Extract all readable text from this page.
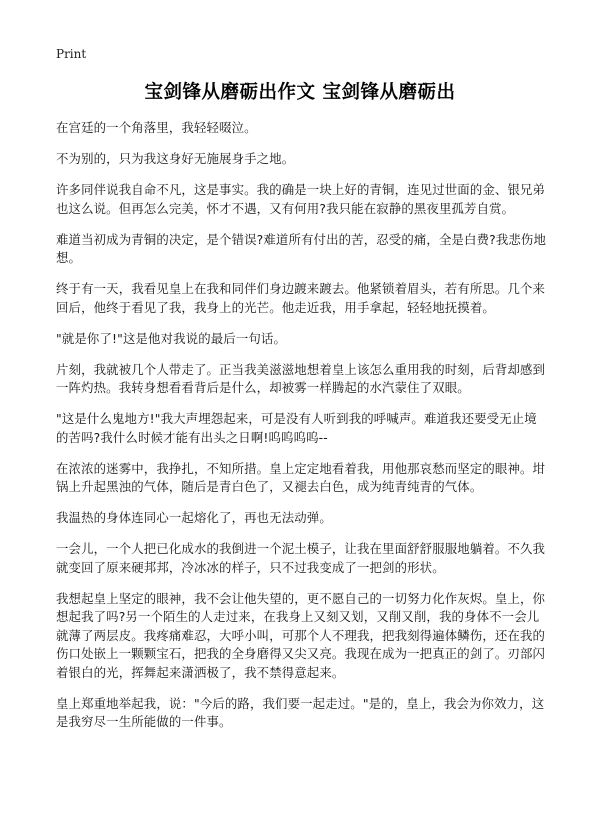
Print
宝剑锋从磨砺出作文 宝剑锋从磨砺出

在宫廷的一个角落里，我轻轻啜泣。

不为别的，只为我这身好无施展身手之地。

许多同伴说我自命不凡，这是事实。我的确是一块上好的青铜，连见过世面的金、银兄弟也这么说。但再怎么完美，怀才不遇，又有何用?我只能在寂静的黑夜里孤芳自赏。

难道当初成为青铜的决定，是个错误?难道所有付出的苦，忍受的痛，全是白费?我悲伤地想。

终于有一天，我看见皇上在我和同伴们身边踱来踱去。他紧锁着眉头，若有所思。几个来回后，他终于看见了我，我身上的光芒。他走近我，用手拿起，轻轻地抚摸着。

"就是你了!"这是他对我说的最后一句话。

片刻，我就被几个人带走了。正当我美滋滋地想着皇上该怎么重用我的时刻，后背却感到一阵灼热。我转身想看看背后是什么，却被雾一样腾起的水汽蒙住了双眼。

"这是什么鬼地方!"我大声埋怨起来，可是没有人听到我的呼喊声。难道我还要受无止境的苦吗?我什么时候才能有出头之日啊!呜呜呜呜--

在浓浓的迷雾中，我挣扎，不知所措。皇上定定地看着我，用他那哀愁而坚定的眼神。坩锅上升起黑浊的气体，随后是青白色了，又褪去白色，成为纯青纯青的气体。

我温热的身体连同心一起熔化了，再也无法动弹。

一会儿，一个人把已化成水的我倒进一个泥土模子，让我在里面舒舒服服地躺着。不久我就变回了原来硬邦邦，冷冰冰的样子，只不过我变成了一把剑的形状。

我想起皇上坚定的眼神，我不会让他失望的，更不愿自己的一切努力化作灰烬。皇上，你想起我了吗?另一个陌生的人走过来，在我身上又刻又划，又削又削，我的身体不一会儿就薄了两层皮。我疼痛难忍，大呼小叫，可那个人不理我，把我刻得遍体鳞伤，还在我的伤口处嵌上一颗颗宝石，把我的全身磨得又尖又亮。我现在成为一把真正的剑了。刃部闪着银白的光，挥舞起来潇洒极了，我不禁得意起来。

皇上郑重地举起我，说："今后的路，我们要一起走过。"是的，皇上，我会为你效力，这是我穷尽一生所能做的一件事。
